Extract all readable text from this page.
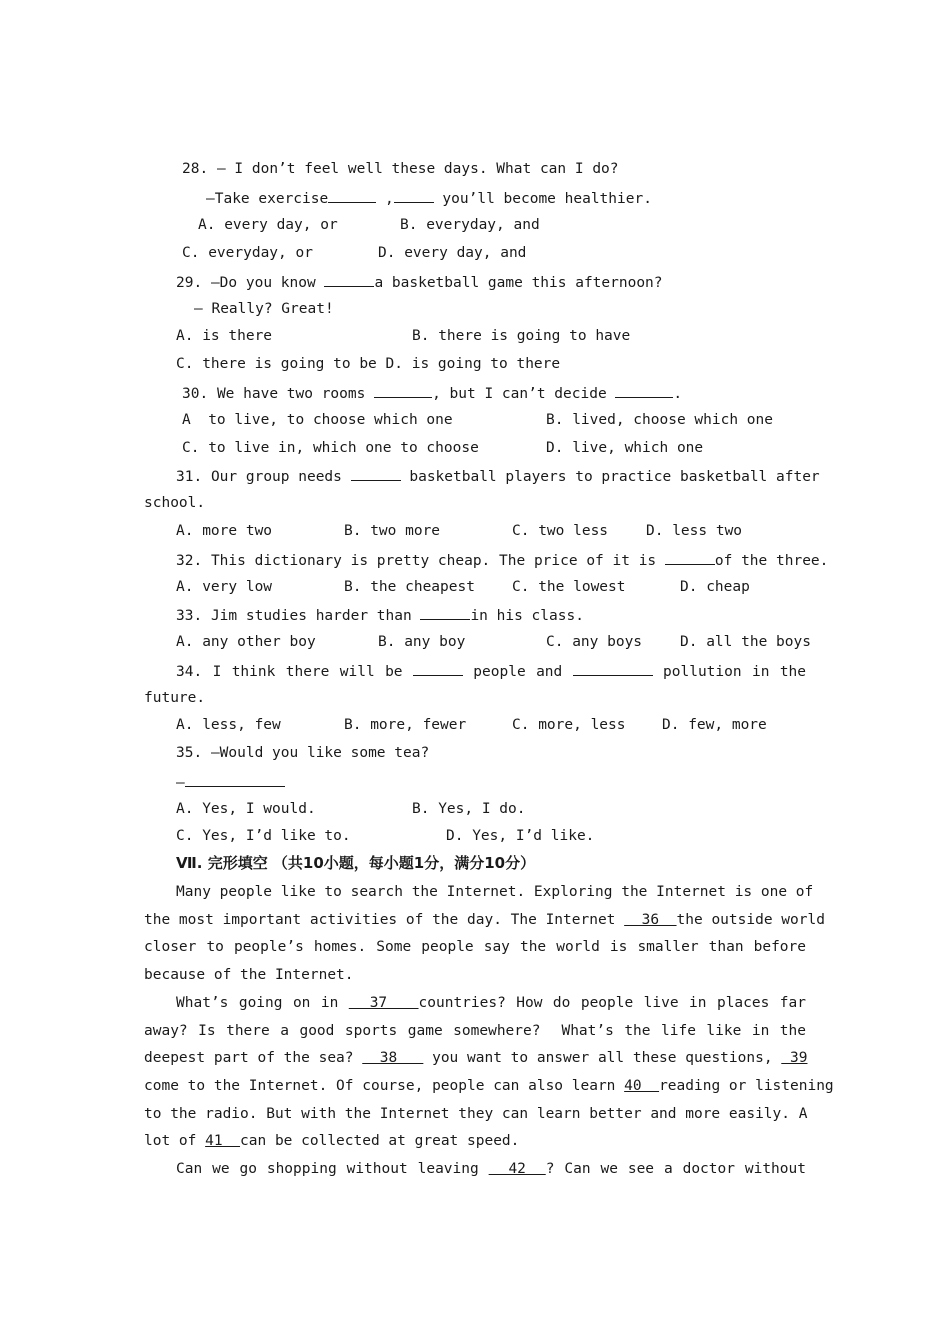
28. — I don’t feel well these days. What can I do?
—Take exercise	,	you’ll become healthier.
A. every day, or	B. everyday, and
C. everyday, or	D. every day, and
29. —Do you know	a basketball game this afternoon?
— Really? Great!
A. is there	B. there is going to have
C. there is going to be D. is going to there
30. We have two rooms	, but I can’t decide	.
A  to live, to choose which one	B. lived, choose which one
C. to live in, which one to choose	D. live, which one
31. Our group needs	basketball players to practice basketball after
school.
A. more two	B. two more	C. two less	D. less two
32. This dictionary is pretty cheap. The price of it is	of the three.
A. very low	B. the cheapest	C. the lowest	D. cheap
33. Jim studies harder than	in his class.
A. any other boy	B. any boy	C. any boys	D. all the boys
34. I think there will be	people and	pollution in the
future.
A. less, few	B. more, fewer	C. more, less	D. few, more
35. —Would you like some tea?
—
A. Yes, I would.	B. Yes, I do.
C. Yes, I’d like to.	D. Yes, I’d like.
Ⅶ. 完形填空 （共10小题，每小题1分，满分10分）
Many people like to search the Internet. Exploring the Internet is one of
the most important activities of the day. The Internet   36  the outside world
closer to people’s homes. Some people say the world is smaller than before
because of the Internet.
What’s going on in   37   countries? How do people live in places far
away? Is there a good sports game somewhere?  What’s the life like in the
deepest part of the sea?   38    you want to answer all these questions,  39
come to the Internet. Of course, people can also learn 40  reading or listening
to the radio. But with the Internet they can learn better and more easily. A
lot of 41  can be collected at great speed.
Can we go shopping without leaving   42  ? Can we see a doctor without
